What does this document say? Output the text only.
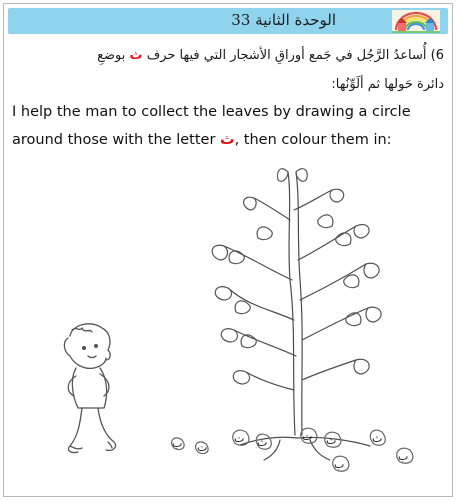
الوحدة الثانية 33
6) أُساعدُ الرَّجُل في جَمع أوراقِ الأشجار التي فيها حرف ث بوضعِ
دائرة حَولها ثم ألَوِّنُها:
I help the man to collect the leaves by drawing a circle
around those with the letter ث, then colour them in:
ب ت
ت ث	ت ث
ب
ث
ب
